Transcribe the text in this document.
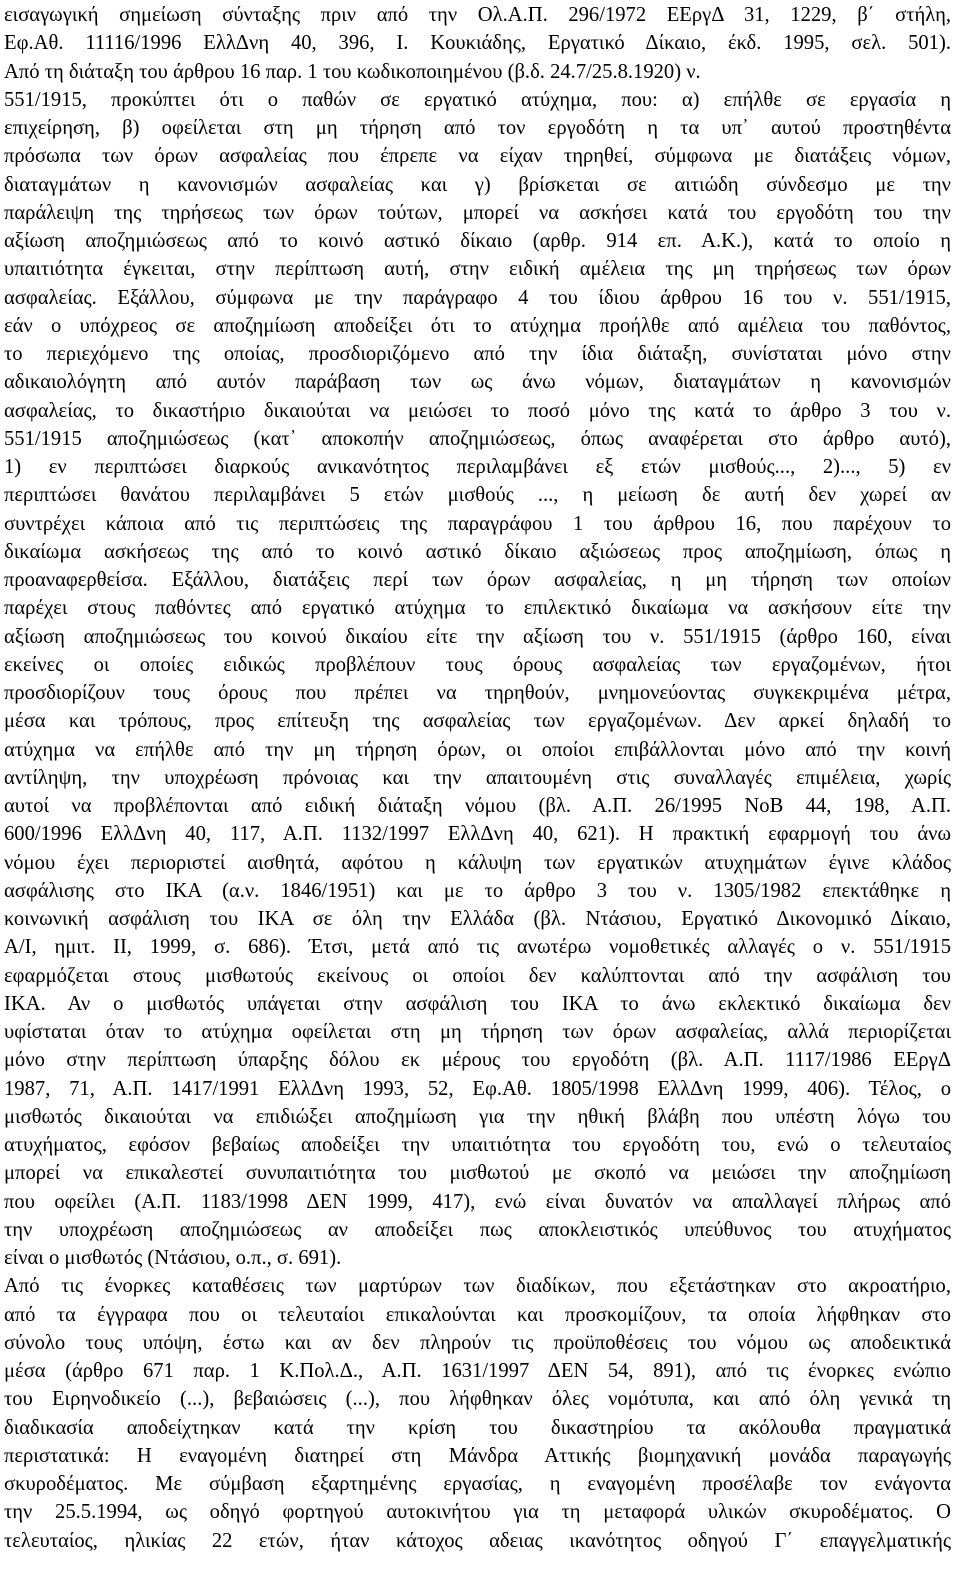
εισαγωγική σημείωση σύνταξης πριν από την Ολ.Α.Π. 296/1972 ΕΕργΔ 31, 1229, β΄ στήλη,
Εφ.Αθ. 11116/1996 ΕλλΔνη 40, 396, Ι. Κουκιάδης, Εργατικό Δίκαιο, έκδ. 1995, σελ. 501).
Από τη διάταξη του άρθρου 16 παρ. 1 του κωδικοποιημένου (β.δ. 24.7/25.8.1920) ν.
551/1915, προκύπτει ότι ο παθών σε εργατικό ατύχημα, που: α) επήλθε σε εργασία η
επιχείρηση, β) οφείλεται στη μη τήρηση από τον εργοδότη η τα υπ᾽ αυτού προστηθέντα
πρόσωπα των όρων ασφαλείας που έπρεπε να είχαν τηρηθεί, σύμφωνα με διατάξεις νόμων,
διαταγμάτων η κανονισμών ασφαλείας και γ) βρίσκεται σε αιτιώδη σύνδεσμο με την
παράλειψη της τηρήσεως των όρων τούτων, μπορεί να ασκήσει κατά του εργοδότη του την
αξίωση αποζημιώσεως από το κοινό αστικό δίκαιο (αρθρ. 914 επ. Α.Κ.), κατά το οποίο η
υπαιτιότητα έγκειται, στην περίπτωση αυτή, στην ειδική αμέλεια της μη τηρήσεως των όρων
ασφαλείας. Εξάλλου, σύμφωνα με την παράγραφο 4 του ίδιου άρθρου 16 του ν. 551/1915,
εάν ο υπόχρεος σε αποζημίωση αποδείξει ότι το ατύχημα προήλθε από αμέλεια του παθόντος,
το περιεχόμενο της οποίας, προσδιοριζόμενο από την ίδια διάταξη, συνίσταται μόνο στην
αδικαιολόγητη από αυτόν παράβαση των ως άνω νόμων, διαταγμάτων η κανονισμών
ασφαλείας, το δικαστήριο δικαιούται να μειώσει το ποσό μόνο της κατά το άρθρο 3 του ν.
551/1915 αποζημιώσεως (κατ᾽ αποκοπήν αποζημιώσεως, όπως αναφέρεται στο άρθρο αυτό),
1) εν περιπτώσει διαρκούς ανικανότητος περιλαμβάνει εξ ετών μισθούς..., 2)..., 5) εν
περιπτώσει θανάτου περιλαμβάνει 5 ετών μισθούς ..., η μείωση δε αυτή δεν χωρεί αν
συντρέχει κάποια από τις περιπτώσεις της παραγράφου 1 του άρθρου 16, που παρέχουν το
δικαίωμα ασκήσεως της από το κοινό αστικό δίκαιο αξιώσεως προς αποζημίωση, όπως η
προαναφερθείσα. Εξάλλου, διατάξεις περί των όρων ασφαλείας, η μη τήρηση των οποίων
παρέχει στους παθόντες από εργατικό ατύχημα το επιλεκτικό δικαίωμα να ασκήσουν είτε την
αξίωση αποζημιώσεως του κοινού δικαίου είτε την αξίωση του ν. 551/1915 (άρθρο 160, είναι
εκείνες οι οποίες ειδικώς προβλέπουν τους όρους ασφαλείας των εργαζομένων, ήτοι
προσδιορίζουν τους όρους που πρέπει να τηρηθούν, μνημονεύοντας συγκεκριμένα μέτρα,
μέσα και τρόπους, προς επίτευξη της ασφαλείας των εργαζομένων. Δεν αρκεί δηλαδή το
ατύχημα να επήλθε από την μη τήρηση όρων, οι οποίοι επιβάλλονται μόνο από την κοινή
αντίληψη, την υποχρέωση πρόνοιας και την απαιτουμένη στις συναλλαγές επιμέλεια, χωρίς
αυτοί να προβλέπονται από ειδική διάταξη νόμου (βλ. Α.Π. 26/1995 ΝοΒ 44, 198, Α.Π.
600/1996 ΕλλΔνη 40, 117, Α.Π. 1132/1997 ΕλλΔνη 40, 621). Η πρακτική εφαρμογή του άνω
νόμου έχει περιοριστεί αισθητά, αφότου η κάλυψη των εργατικών ατυχημάτων έγινε κλάδος
ασφάλισης στο ΙΚΑ (α.ν. 1846/1951) και με το άρθρο 3 του ν. 1305/1982 επεκτάθηκε η
κοινωνική ασφάλιση του ΙΚΑ σε όλη την Ελλάδα (βλ. Ντάσιου, Εργατικό Δικονομικό Δίκαιο,
Α/Ι, ημιτ. ΙΙ, 1999, σ. 686). Έτσι, μετά από τις ανωτέρω νομοθετικές αλλαγές ο ν. 551/1915
εφαρμόζεται στους μισθωτούς εκείνους οι οποίοι δεν καλύπτονται από την ασφάλιση του
ΙΚΑ. Αν ο μισθωτός υπάγεται στην ασφάλιση του ΙΚΑ το άνω εκλεκτικό δικαίωμα δεν
υφίσταται όταν το ατύχημα οφείλεται στη μη τήρηση των όρων ασφαλείας, αλλά περιορίζεται
μόνο στην περίπτωση ύπαρξης δόλου εκ μέρους του εργοδότη (βλ. Α.Π. 1117/1986 ΕΕργΔ
1987, 71, Α.Π. 1417/1991 ΕλλΔνη 1993, 52, Εφ.Αθ. 1805/1998 ΕλλΔνη 1999, 406). Τέλος, ο
μισθωτός δικαιούται να επιδιώξει αποζημίωση για την ηθική βλάβη που υπέστη λόγω του
ατυχήματος, εφόσον βεβαίως αποδείξει την υπαιτιότητα του εργοδότη του, ενώ ο τελευταίος
μπορεί να επικαλεστεί συνυπαιτιότητα του μισθωτού με σκοπό να μειώσει την αποζημίωση
που οφείλει (Α.Π. 1183/1998 ΔΕΝ 1999, 417), ενώ είναι δυνατόν να απαλλαγεί πλήρως από
την υποχρέωση αποζημιώσεως αν αποδείξει πως αποκλειστικός υπεύθυνος του ατυχήματος
είναι ο μισθωτός (Ντάσιου, ο.π., σ. 691).
Από τις ένορκες καταθέσεις των μαρτύρων των διαδίκων, που εξετάστηκαν στο ακροατήριο,
από τα έγγραφα που οι τελευταίοι επικαλούνται και προσκομίζουν, τα οποία λήφθηκαν στο
σύνολο τους υπόψη, έστω και αν δεν πληρούν τις προϋποθέσεις του νόμου ως αποδεικτικά
μέσα (άρθρο 671 παρ. 1 Κ.Πολ.Δ., Α.Π. 1631/1997 ΔΕΝ 54, 891), από τις ένορκες ενώπιο
του Ειρηνοδικείο (...), βεβαιώσεις (...), που λήφθηκαν όλες νομότυπα, και από όλη γενικά τη
διαδικασία αποδείχτηκαν κατά την κρίση του δικαστηρίου τα ακόλουθα πραγματικά
περιστατικά: Η εναγομένη διατηρεί στη Μάνδρα Αττικής βιομηχανική μονάδα παραγωγής
σκυροδέματος. Με σύμβαση εξαρτημένης εργασίας, η εναγομένη προσέλαβε τον ενάγοντα
την 25.5.1994, ως οδηγό φορτηγού αυτοκινήτου για τη μεταφορά υλικών σκυροδέματος. Ο
τελευταίος, ηλικίας 22 ετών, ήταν κάτοχος αδειας ικανότητος οδηγού Γ΄ επαγγελματικής
